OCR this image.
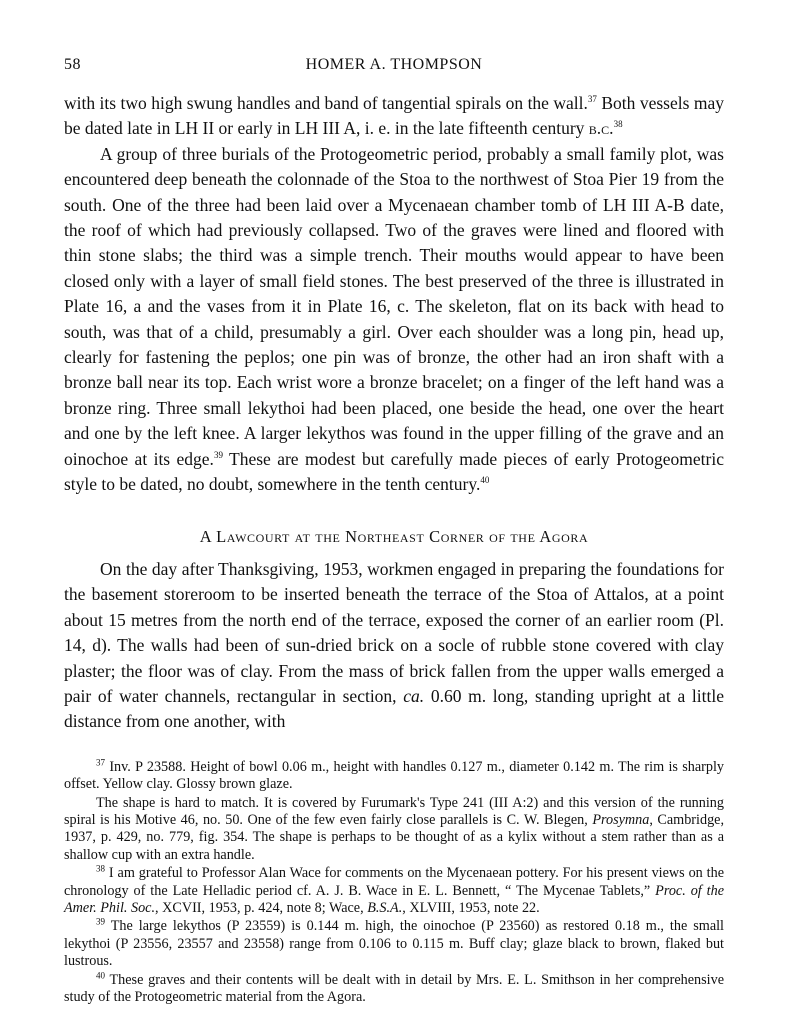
58	HOMER A. THOMPSON

with its two high swung handles and band of tangential spirals on the wall.$^{37}$ Both vessels may be dated late in LH II or early in LH III A, i. e. in the late fifteenth century b.c.$^{38}$

A group of three burials of the Protogeometric period, probably a small family plot, was encountered deep beneath the colonnade of the Stoa to the northwest of Stoa Pier 19 from the south. One of the three had been laid over a Mycenaean chamber tomb of LH III A-B date, the roof of which had previously collapsed. Two of the graves were lined and floored with thin stone slabs; the third was a simple trench. Their mouths would appear to have been closed only with a layer of small field stones. The best preserved of the three is illustrated in Plate 16, a and the vases from it in Plate 16, c. The skeleton, flat on its back with head to south, was that of a child, presumably a girl. Over each shoulder was a long pin, head up, clearly for fastening the peplos; one pin was of bronze, the other had an iron shaft with a bronze ball near its top. Each wrist wore a bronze bracelet; on a finger of the left hand was a bronze ring. Three small lekythoi had been placed, one beside the head, one over the heart and one by the left knee. A larger lekythos was found in the upper filling of the grave and an oinochoe at its edge.$^{39}$ These are modest but carefully made pieces of early Protogeometric style to be dated, no doubt, somewhere in the tenth century.$^{40}$

A Lawcourt at the Northeast Corner of the Agora

On the day after Thanksgiving, 1953, workmen engaged in preparing the foundations for the basement storeroom to be inserted beneath the terrace of the Stoa of Attalos, at a point about 15 metres from the north end of the terrace, exposed the corner of an earlier room (Pl. 14, d). The walls had been of sun-dried brick on a socle of rubble stone covered with clay plaster; the floor was of clay. From the mass of brick fallen from the upper walls emerged a pair of water channels, rectangular in section, ca. 0.60 m. long, standing upright at a little distance from one another, with

$^{37}$ Inv. P 23588. Height of bowl 0.06 m., height with handles 0.127 m., diameter 0.142 m. The rim is sharply offset. Yellow clay. Glossy brown glaze.

The shape is hard to match. It is covered by Furumark's Type 241 (III A:2) and this version of the running spiral is his Motive 46, no. 50. One of the few even fairly close parallels is C. W. Blegen, Prosymna, Cambridge, 1937, p. 429, no. 779, fig. 354. The shape is perhaps to be thought of as a kylix without a stem rather than as a shallow cup with an extra handle.

$^{38}$ I am grateful to Professor Alan Wace for comments on the Mycenaean pottery. For his present views on the chronology of the Late Helladic period cf. A. J. B. Wace in E. L. Bennett, “ The Mycenae Tablets,” Proc. of the Amer. Phil. Soc., XCVII, 1953, p. 424, note 8; Wace, B.S.A., XLVIII, 1953, note 22.

$^{39}$ The large lekythos (P 23559) is 0.144 m. high, the oinochoe (P 23560) as restored 0.18 m., the small lekythoi (P 23556, 23557 and 23558) range from 0.106 to 0.115 m. Buff clay; glaze black to brown, flaked but lustrous.

$^{40}$ These graves and their contents will be dealt with in detail by Mrs. E. L. Smithson in her comprehensive study of the Protogeometric material from the Agora.
